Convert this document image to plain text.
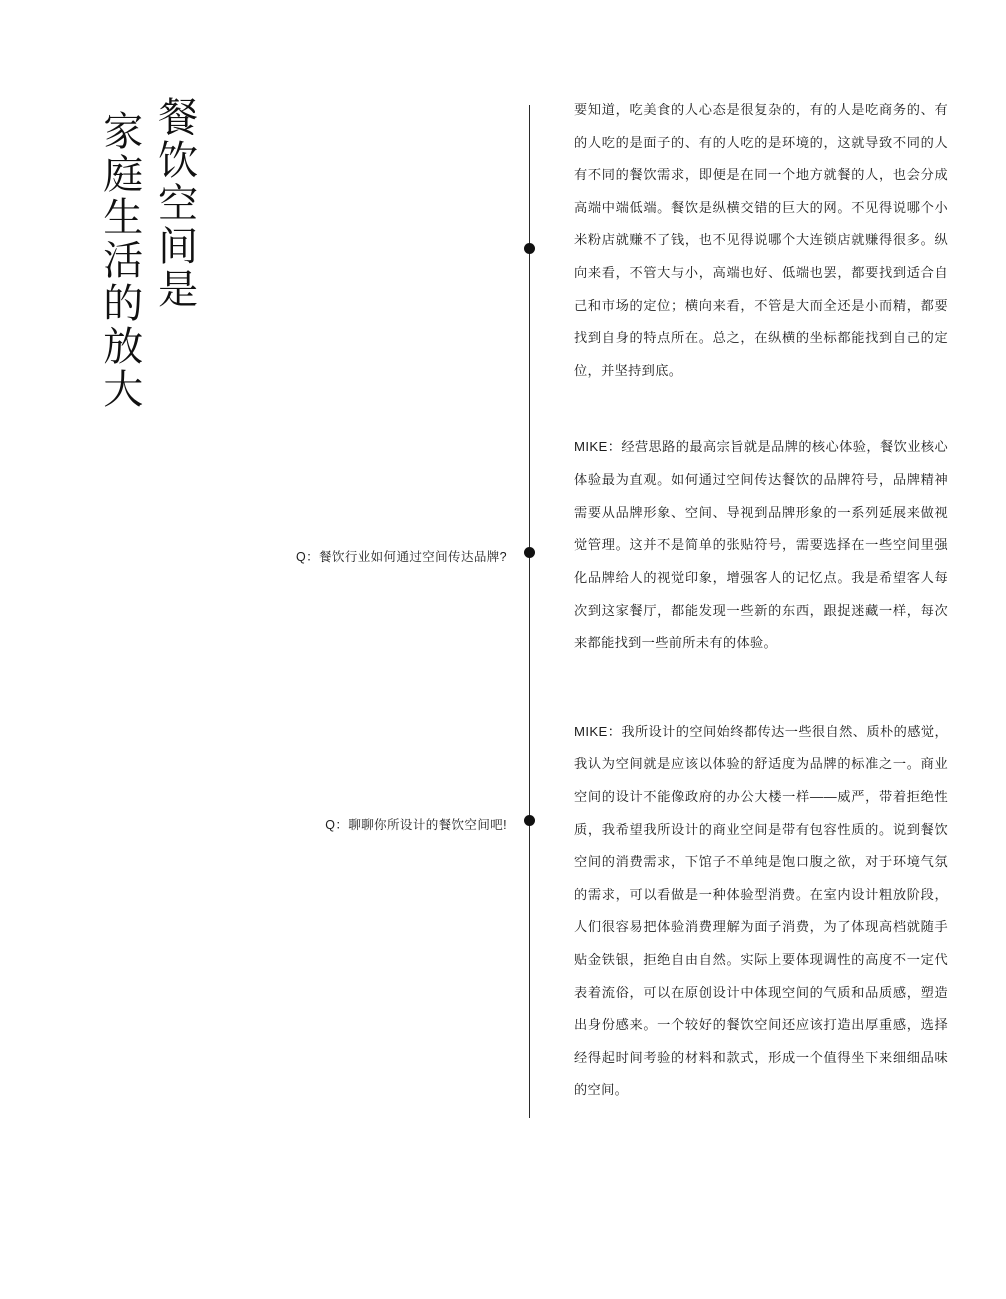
餐饮空间是
家庭生活的放大
Q：餐饮行业如何通过空间传达品牌?
Q：聊聊你所设计的餐饮空间吧!

要知道，吃美食的人心态是很复杂的，有的人是吃商务的、有的人吃的是面子的、有的人吃的是环境的，这就导致不同的人有不同的餐饮需求，即便是在同一个地方就餐的人，也会分成高端中端低端。餐饮是纵横交错的巨大的网。不见得说哪个小米粉店就赚不了钱，也不见得说哪个大连锁店就赚得很多。纵向来看，不管大与小，高端也好、低端也罢，都要找到适合自己和市场的定位；横向来看，不管是大而全还是小而精，都要找到自身的特点所在。总之，在纵横的坐标都能找到自己的定位，并坚持到底。

MIKE：经营思路的最高宗旨就是品牌的核心体验，餐饮业核心体验最为直观。如何通过空间传达餐饮的品牌符号，品牌精神需要从品牌形象、空间、导视到品牌形象的一系列延展来做视觉管理。这并不是简单的张贴符号，需要选择在一些空间里强化品牌给人的视觉印象，增强客人的记忆点。我是希望客人每次到这家餐厅，都能发现一些新的东西，跟捉迷藏一样，每次来都能找到一些前所未有的体验。

MIKE：我所设计的空间始终都传达一些很自然、质朴的感觉，我认为空间就是应该以体验的舒适度为品牌的标准之一。商业空间的设计不能像政府的办公大楼一样——威严，带着拒绝性质，我希望我所设计的商业空间是带有包容性质的。说到餐饮空间的消费需求，下馆子不单纯是饱口腹之欲，对于环境气氛的需求，可以看做是一种体验型消费。在室内设计粗放阶段，人们很容易把体验消费理解为面子消费，为了体现高档就随手贴金铁银，拒绝自由自然。实际上要体现调性的高度不一定代表着流俗，可以在原创设计中体现空间的气质和品质感，塑造出身份感来。一个较好的餐饮空间还应该打造出厚重感，选择经得起时间考验的材料和款式，形成一个值得坐下来细细品味的空间。
